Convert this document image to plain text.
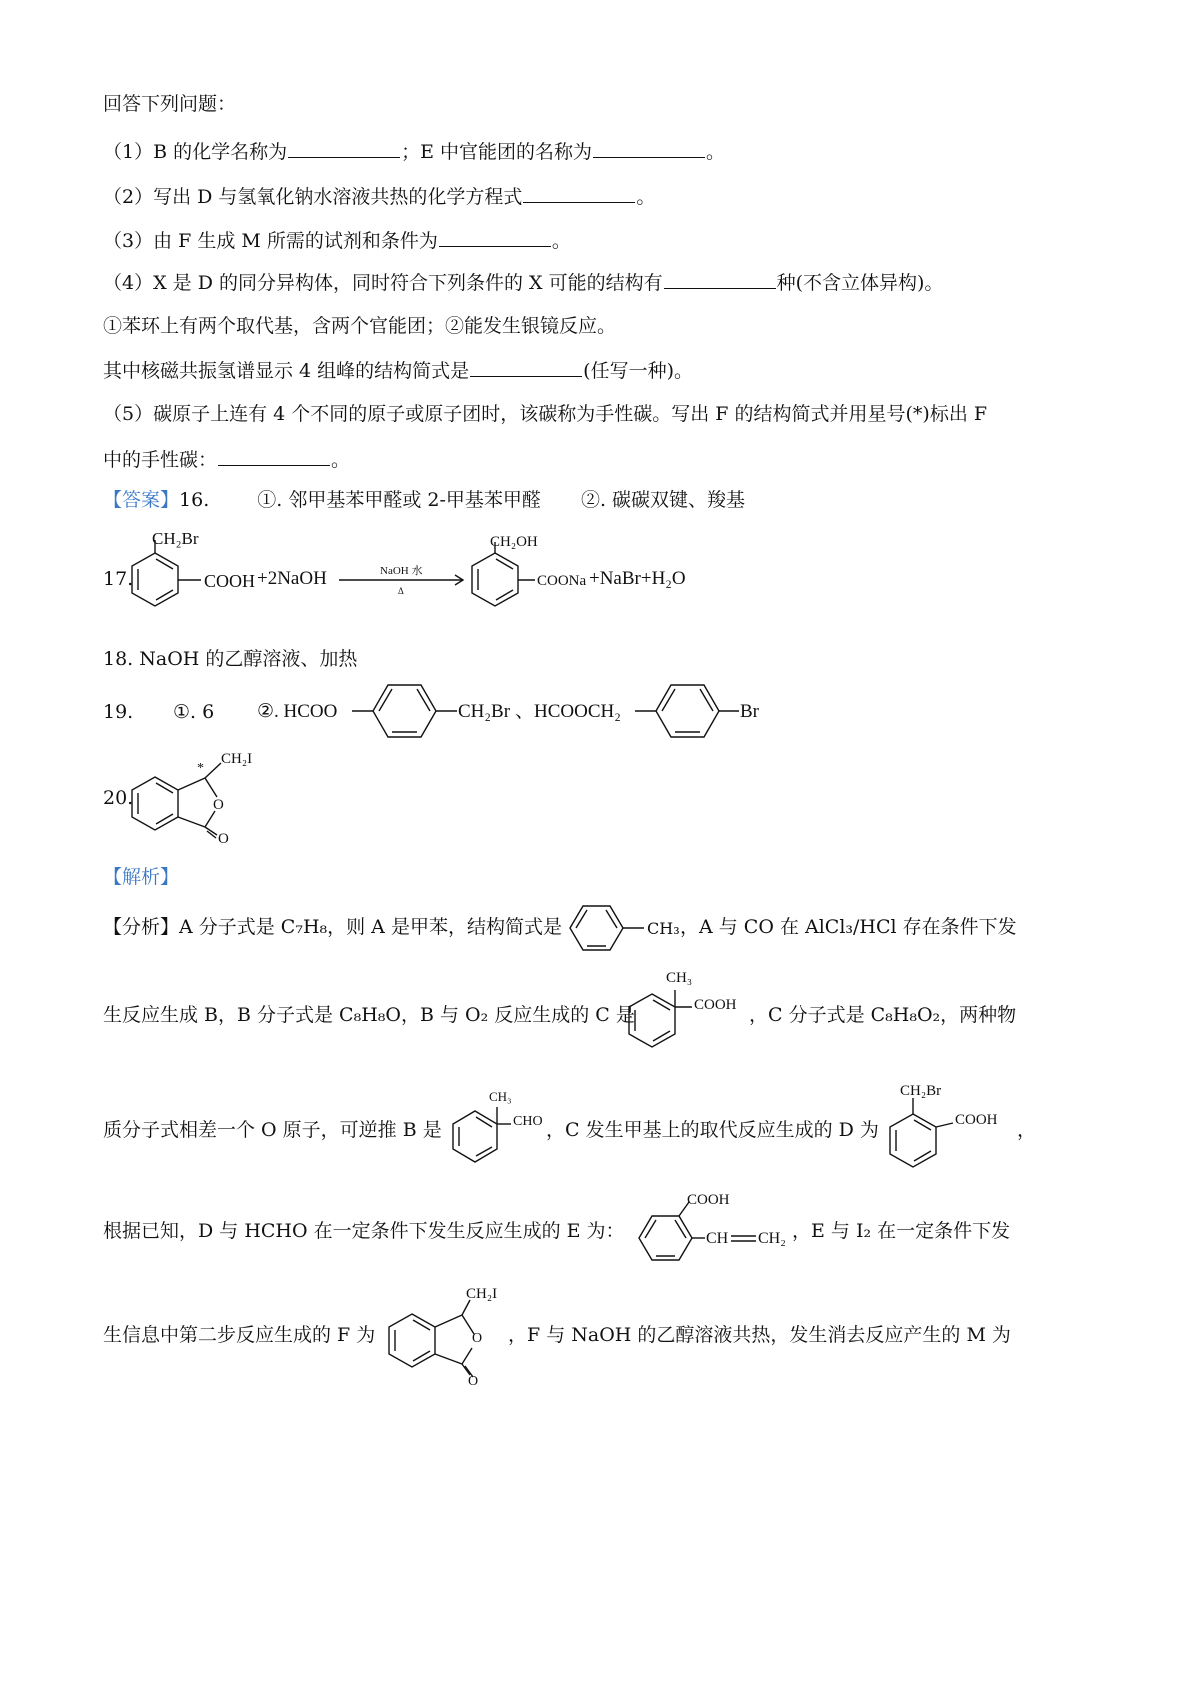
回答下列问题：
（1）B 的化学名称为	；E 中官能团的名称为	。
（2）写出 D 与氢氧化钠水溶液共热的化学方程式	。
（3）由 F 生成 M 所需的试剂和条件为	。
（4）X 是 D 的同分异构体，同时符合下列条件的 X 可能的结构有	种(不含立体异构)。
①苯环上有两个取代基，含两个官能团；②能发生银镜反应。
其中核磁共振氢谱显示 4 组峰的结构简式是	(任写一种)。
（5）碳原子上连有 4 个不同的原子或原子团时，该碳称为手性碳。写出 F 的结构简式并用星号(*)标出 F
中的手性碳：	。
【答案】16.	①. 邻甲基苯甲醛或 2-甲基苯甲醛 ②. 碳碳双键、羧基
17.
CH₂Br
COOH +2NaOH	NaOH 水
Δ
CH₂OH
COONa +NaBr+H₂O
18. NaOH 的乙醇溶液、加热
19. ①. 6 ②. HCOO	CH₂Br 、HCOOCH₂	Br
20.
*
CH₂I
O
O
【解析】
【分析】A 分子式是 C₇H₈，则 A 是甲苯，结构简式是	CH₃ ，A 与 CO 在 AlCl₃/HCl 存在条件下发
生反应生成 B，B 分子式是 C₈H₈O，B 与 O₂ 反应生成的 C 是
CH₃
COOH ，C 分子式是 C₈H₈O₂，两种物
质分子式相差一个 O 原子，可逆推 B 是
CH₃
CHO ，C 发生甲基上的取代反应生成的 D 为
CH₂Br
COOH ，
根据已知，D 与 HCHO 在一定条件下发生反应生成的 E 为：
COOH
CH CH₂ ，E 与 I₂ 在一定条件下发
生信息中第二步反应生成的 F 为
CH₂I
O
O
，F 与 NaOH 的乙醇溶液共热，发生消去反应产生的 M 为
